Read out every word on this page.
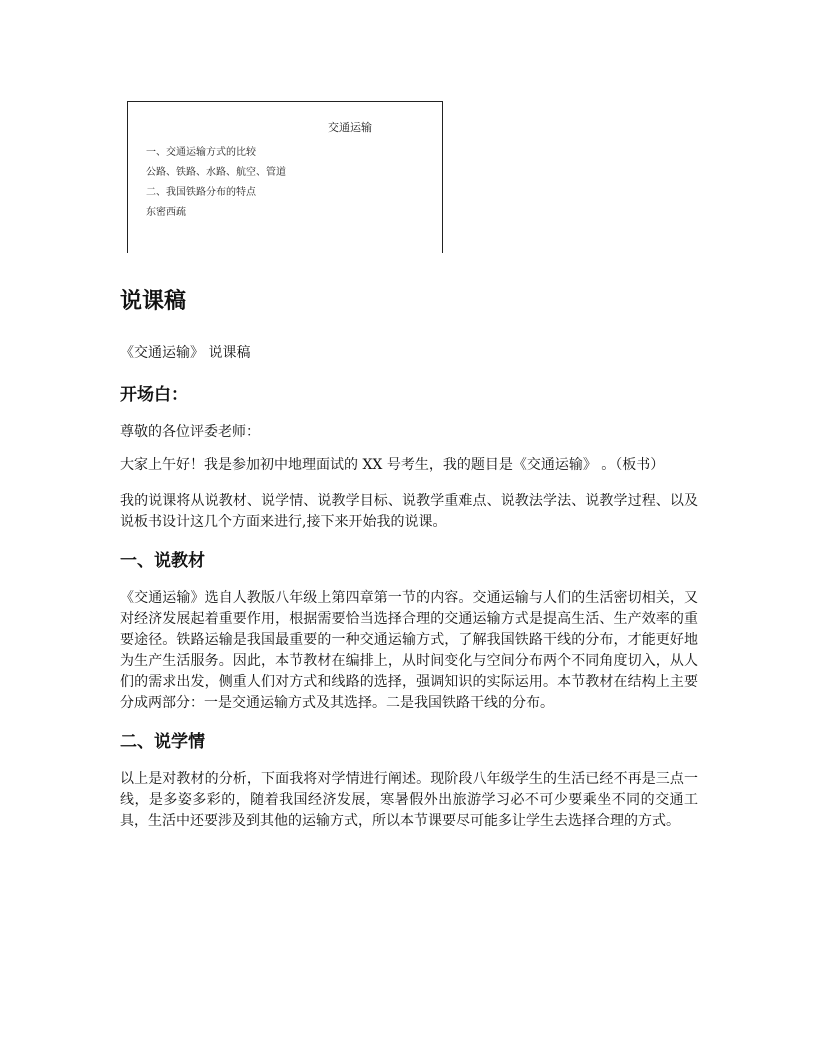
交通运输
一、交通运输方式的比较
公路、铁路、水路、航空、管道
二、我国铁路分布的特点
东密西疏
说课稿

《交通运输》 说课稿

开场白：

尊敬的各位评委老师：

大家上午好！我是参加初中地理面试的 XX 号考生，我的题目是《交通运输》 。（板书）

我的说课将从说教材、说学情、说教学目标、说教学重难点、说教法学法、说教学过程、以及说板书设计这几个方面来进行,接下来开始我的说课。

一、说教材

《交通运输》选自人教版八年级上第四章第一节的内容。交通运输与人们的生活密切相关，又对经济发展起着重要作用，根据需要恰当选择合理的交通运输方式是提高生活、生产效率的重要途径。铁路运输是我国最重要的一种交通运输方式，了解我国铁路干线的分布，才能更好地为生产生活服务。因此，本节教材在编排上，从时间变化与空间分布两个不同角度切入，从人们的需求出发，侧重人们对方式和线路的选择，强调知识的实际运用。本节教材在结构上主要分成两部分：一是交通运输方式及其选择。二是我国铁路干线的分布。

二、说学情

以上是对教材的分析，下面我将对学情进行阐述。现阶段八年级学生的生活已经不再是三点一线，是多姿多彩的，随着我国经济发展，寒暑假外出旅游学习必不可少要乘坐不同的交通工具，生活中还要涉及到其他的运输方式，所以本节课要尽可能多让学生去选择合理的方式。
